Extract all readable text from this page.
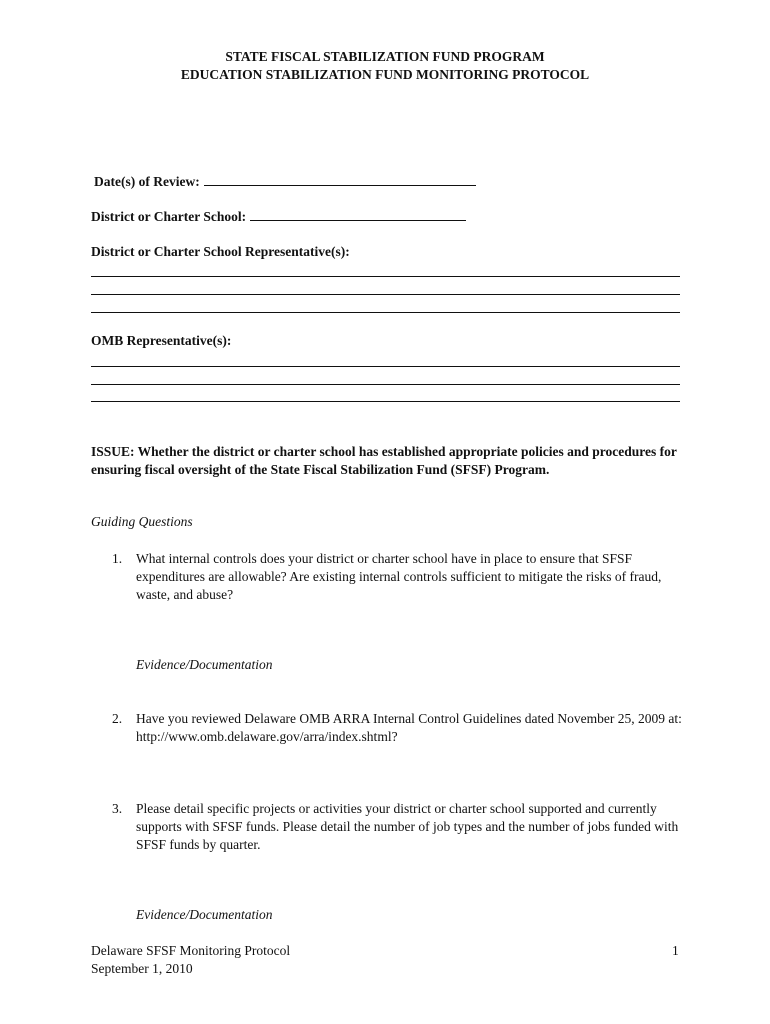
STATE FISCAL STABILIZATION FUND PROGRAM
EDUCATION STABILIZATION FUND MONITORING PROTOCOL
Date(s) of Review:
District or Charter School:
District or Charter School Representative(s):
OMB Representative(s):
ISSUE: Whether the district or charter school has established appropriate policies and procedures for ensuring fiscal oversight of the State Fiscal Stabilization Fund (SFSF) Program.
Guiding Questions
1.	What internal controls does your district or charter school have in place to ensure that SFSF expenditures are allowable? Are existing internal controls sufficient to mitigate the risks of fraud, waste, and abuse?
Evidence/Documentation
2.	Have you reviewed Delaware OMB ARRA Internal Control Guidelines dated November 25, 2009 at: http://www.omb.delaware.gov/arra/index.shtml?
3.	Please detail specific projects or activities your district or charter school supported and currently supports with SFSF funds. Please detail the number of job types and the number of jobs funded with SFSF funds by quarter.
Evidence/Documentation
Delaware SFSF Monitoring Protocol
September 1, 2010
1
